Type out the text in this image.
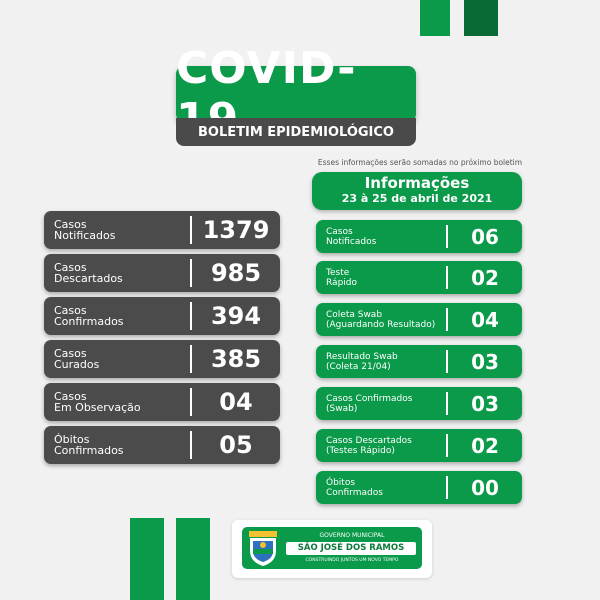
COVID-
BOLETIM EPIDEMIOLÓGICO
Esses informações serão somadas no próximo boletim
Informações
23 à 25 de abril de 2021
Casos
Notificados	1379
Casos
Descartados	985
Casos
Confirmados	394
Casos
Curados	385
Casos
Em Observação	04
Óbitos
Confirmados	05
Casos
Notificados	06
Teste
Rápido	02
Coleta Swab
(Aguardando Resultado)	04
Resultado Swab
(Coleta 21/04)	03
Casos Confirmados
(Swab)	03
Casos Descartados
(Testes Rápido)	02
Óbitos
Confirmados	00
GOVERNO MUNICIPAL
SÃO JOSÉ DOS RAMOS
CONSTRUINDO JUNTOS UM NOVO TEMPO
